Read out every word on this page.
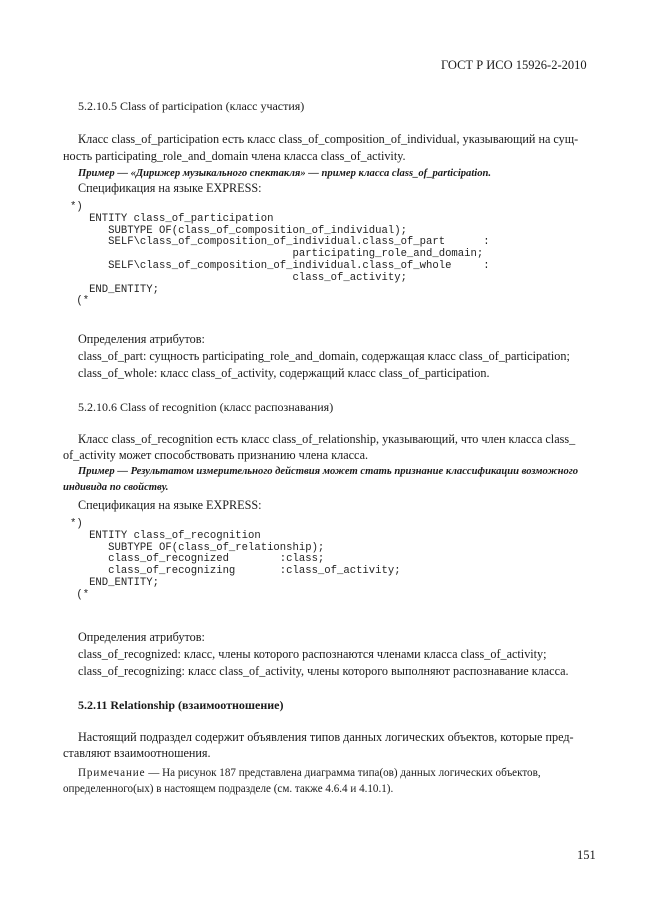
ГОСТ Р ИСО 15926-2-2010
5.2.10.5 Class of participation (класс участия)
Класс class_of_participation есть класс class_of_composition_of_individual, указывающий на сущ-
ность participating_role_and_domain члена класса class_of_activity.
Пример — «Дирижер музыкального спектакля» — пример класса class_of_participation.
Спецификация на языке EXPRESS:
*)
ENTITY class_of_participation
SUBTYPE OF(class_of_composition_of_individual);
SELF\class_of_composition_of_individual.class_of_part      :
participating_role_and_domain;
SELF\class_of_composition_of_individual.class_of_whole     :
class_of_activity;
END_ENTITY;
(*
Определения атрибутов:
class_of_part: сущность participating_role_and_domain, содержащая класс class_of_participation;
class_of_whole: класс class_of_activity, содержащий класс class_of_participation.
5.2.10.6 Class of recognition (класс распознавания)
Класс class_of_recognition есть класс class_of_relationship, указывающий, что член класса class_
of_activity может способствовать признанию члена класса.
Пример — Результатом измерительного действия может стать признание классификации возможного
индивида по свойству.
Спецификация на языке EXPRESS:
*)
ENTITY class_of_recognition
SUBTYPE OF(class_of_relationship);
class_of_recognized        :class;
class_of_recognizing       :class_of_activity;
END_ENTITY;
(*
Определения атрибутов:
class_of_recognized: класс, члены которого распознаются членами класса class_of_activity;
class_of_recognizing: класс class_of_activity, члены которого выполняют распознавание класса.
5.2.11 Relationship (взаимоотношение)
Настоящий подраздел содержит объявления типов данных логических объектов, которые пред-
ставляют взаимоотношения.
Примечание — На рисунок 187 представлена диаграмма типа(ов) данных логических объектов,
определенного(ых) в настоящем подразделе (см. также 4.6.4 и 4.10.1).
151
